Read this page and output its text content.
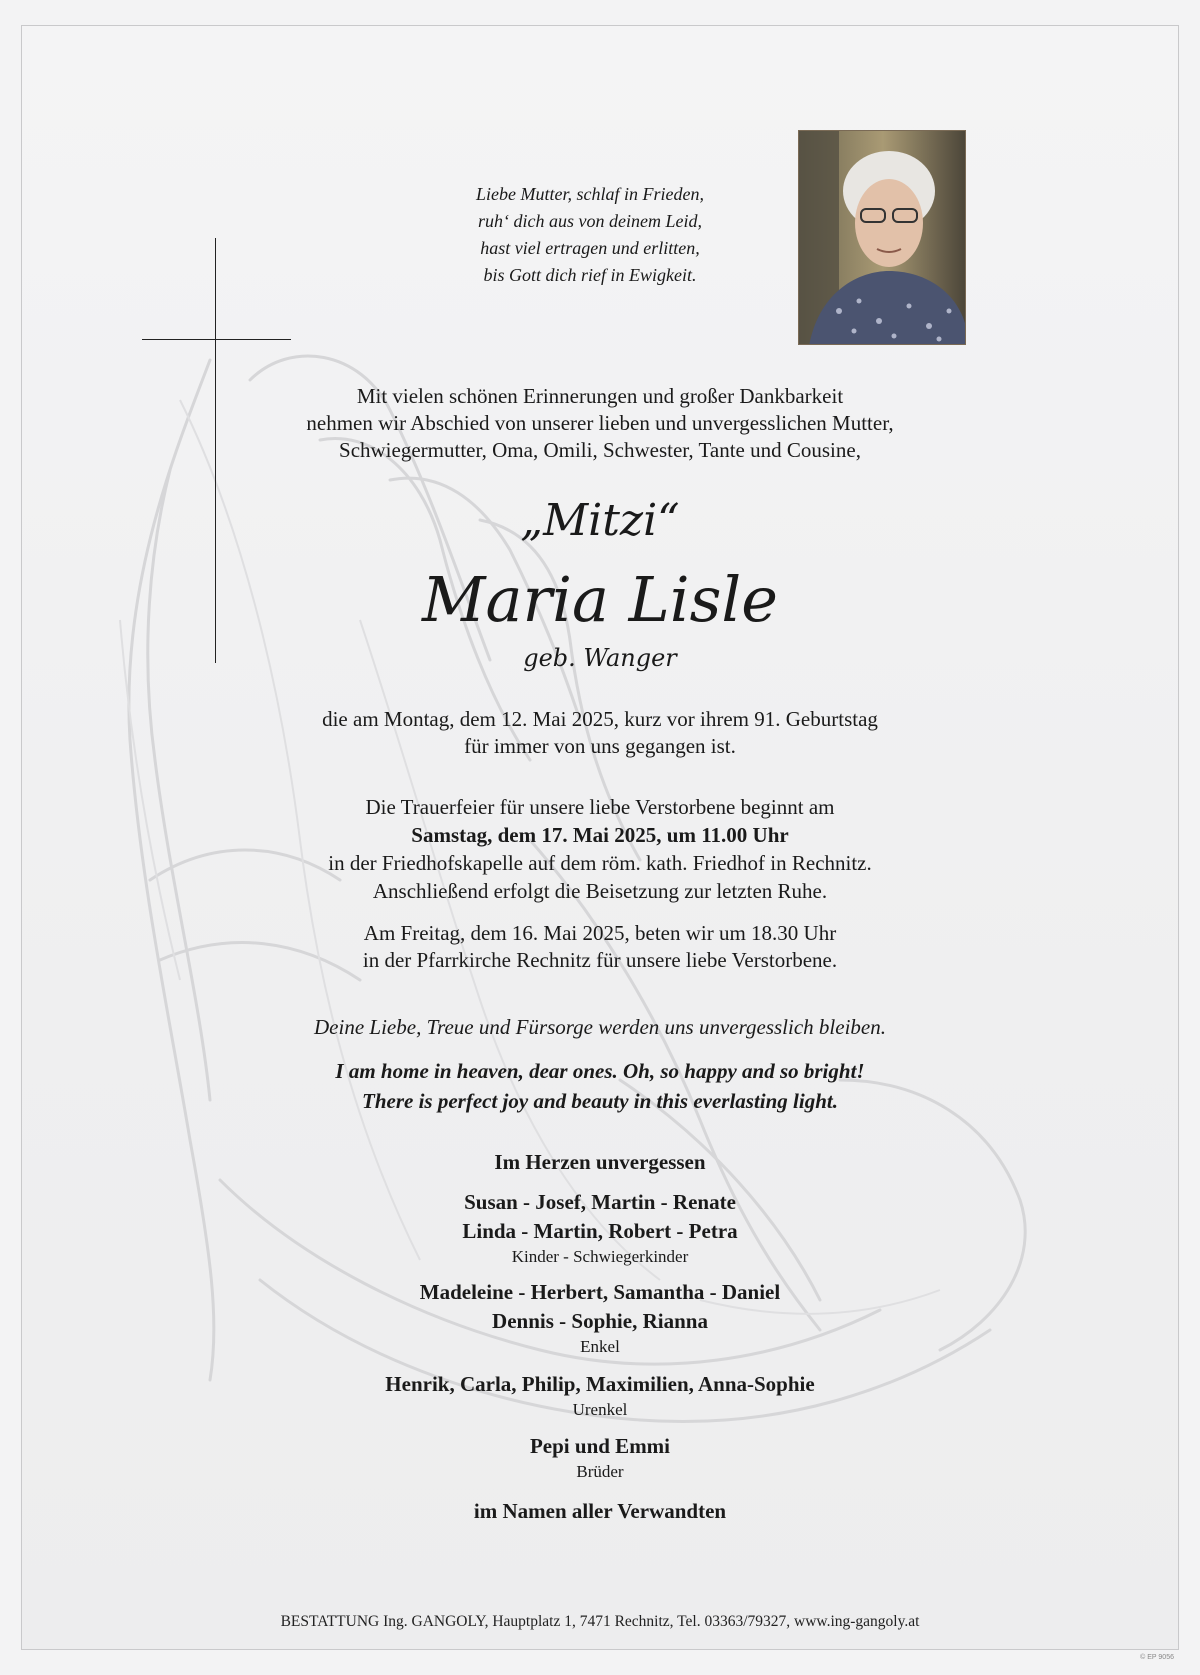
Liebe Mutter, schlaf in Frieden,
ruh‘ dich aus von deinem Leid,
hast viel ertragen und erlitten,
bis Gott dich rief in Ewigkeit.
Mit vielen schönen Erinnerungen und großer Dankbarkeit
nehmen wir Abschied von unserer lieben und unvergesslichen Mutter,
Schwiegermutter, Oma, Omili, Schwester, Tante und Cousine,
„Mitzi“
Maria Lisle
geb. Wanger
die am Montag, dem 12. Mai 2025, kurz vor ihrem 91. Geburtstag
für immer von uns gegangen ist.
Die Trauerfeier für unsere liebe Verstorbene beginnt am
Samstag, dem 17. Mai 2025, um 11.00 Uhr
in der Friedhofskapelle auf dem röm. kath. Friedhof in Rechnitz.
Anschließend erfolgt die Beisetzung zur letzten Ruhe.
Am Freitag, dem 16. Mai 2025, beten wir um 18.30 Uhr
in der Pfarrkirche Rechnitz für unsere liebe Verstorbene.
Deine Liebe, Treue und Fürsorge werden uns unvergesslich bleiben.
I am home in heaven, dear ones. Oh, so happy and so bright!
There is perfect joy and beauty in this everlasting light.
Im Herzen unvergessen
Susan - Josef, Martin - Renate
Linda - Martin, Robert - Petra
Kinder - Schwiegerkinder
Madeleine - Herbert, Samantha - Daniel
Dennis - Sophie, Rianna
Enkel
Henrik, Carla, Philip, Maximilien, Anna-Sophie
Urenkel
Pepi und Emmi
Brüder
im Namen aller Verwandten
BESTATTUNG Ing. GANGOLY, Hauptplatz 1, 7471 Rechnitz, Tel. 03363/79327, www.ing-gangoly.at
© EP 9056
